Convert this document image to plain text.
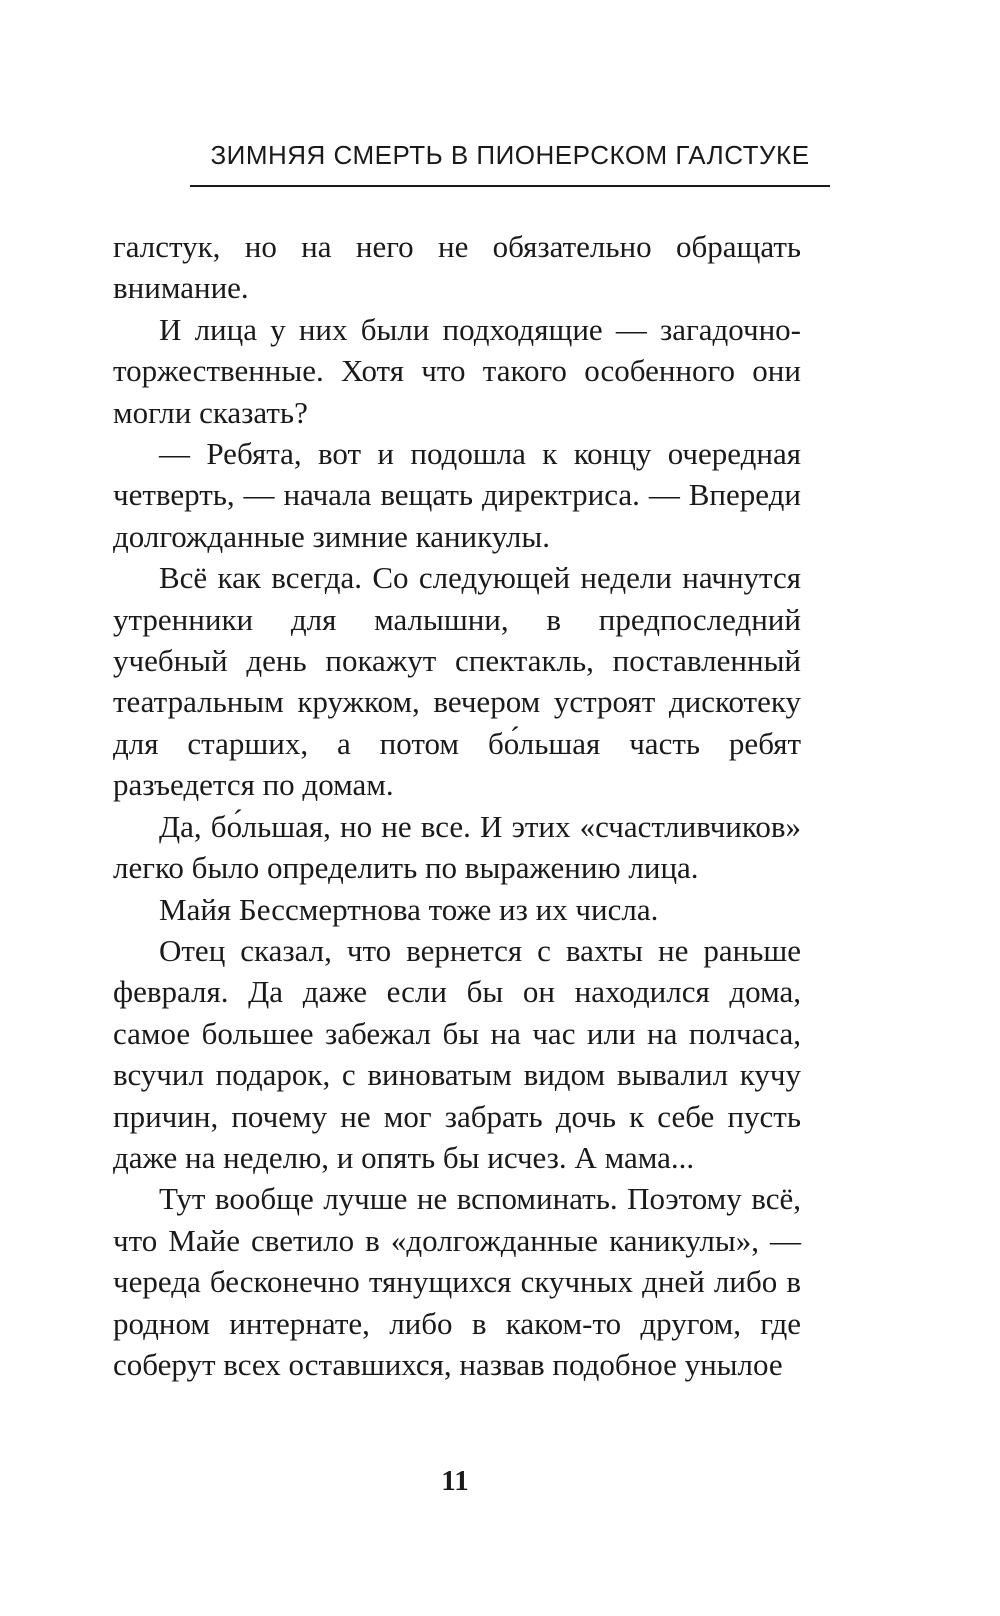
ЗИМНЯЯ СМЕРТЬ В ПИОНЕРСКОМ ГАЛСТУКЕ

галстук, но на него не обязательно обращать внимание.

И лица у них были подходящие — загадочно-торжественные. Хотя что такого особенного они могли сказать?

— Ребята, вот и подошла к концу очередная четверть, — начала вещать директриса. — Впереди долгожданные зимние каникулы.

Всё как всегда. Со следующей недели начнутся утренники для малышни, в предпоследний учебный день покажут спектакль, поставленный театральным кружком, вечером устроят дискотеку для старших, а потом бо́льшая часть ребят разъедется по домам.

Да, бо́льшая, но не все. И этих «счастливчиков» легко было определить по выражению лица.

Майя Бессмертнова тоже из их числа.

Отец сказал, что вернется с вахты не раньше февраля. Да даже если бы он находился дома, самое большее забежал бы на час или на полчаса, всучил подарок, с виноватым видом вывалил кучу причин, почему не мог забрать дочь к себе пусть даже на неделю, и опять бы исчез. А мама...

Тут вообще лучше не вспоминать. Поэтому всё, что Майе светило в «долгожданные каникулы», — череда бесконечно тянущихся скучных дней либо в родном интернате, либо в каком-то другом, где соберут всех оставшихся, назвав подобное унылое

11
